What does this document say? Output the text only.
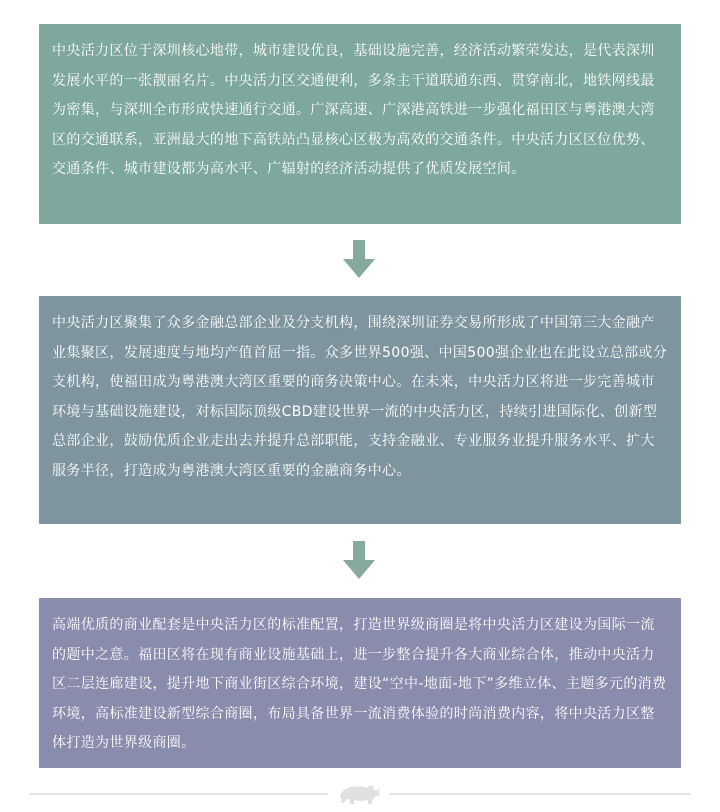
中央活力区位于深圳核心地带，城市建设优良，基础设施完善，经济活动繁荣发达，是代表深圳发展水平的一张靓丽名片。中央活力区交通便利，多条主干道联通东西、贯穿南北，地铁网线最为密集，与深圳全市形成快速通行交通。广深高速、广深港高铁进一步强化福田区与粤港澳大湾区的交通联系，亚洲最大的地下高铁站凸显核心区极为高效的交通条件。中央活力区区位优势、交通条件、城市建设都为高水平、广辐射的经济活动提供了优质发展空间。
中央活力区聚集了众多金融总部企业及分支机构，围绕深圳证券交易所形成了中国第三大金融产业集聚区，发展速度与地均产值首屈一指。众多世界500强、中国500强企业也在此设立总部或分支机构，使福田成为粤港澳大湾区重要的商务决策中心。在未来，中央活力区将进一步完善城市环境与基础设施建设，对标国际顶级CBD建设世界一流的中央活力区，持续引进国际化、创新型总部企业，鼓励优质企业走出去并提升总部职能，支持金融业、专业服务业提升服务水平、扩大服务半径，打造成为粤港澳大湾区重要的金融商务中心。
高端优质的商业配套是中央活力区的标准配置，打造世界级商圈是将中央活力区建设为国际一流的题中之意。福田区将在现有商业设施基础上，进一步整合提升各大商业综合体，推动中央活力区二层连廊建设，提升地下商业街区综合环境，建设“空中-地面-地下”多维立体、主题多元的消费环境，高标准建设新型综合商圈，布局具备世界一流消费体验的时尚消费内容，将中央活力区整体打造为世界级商圈。
